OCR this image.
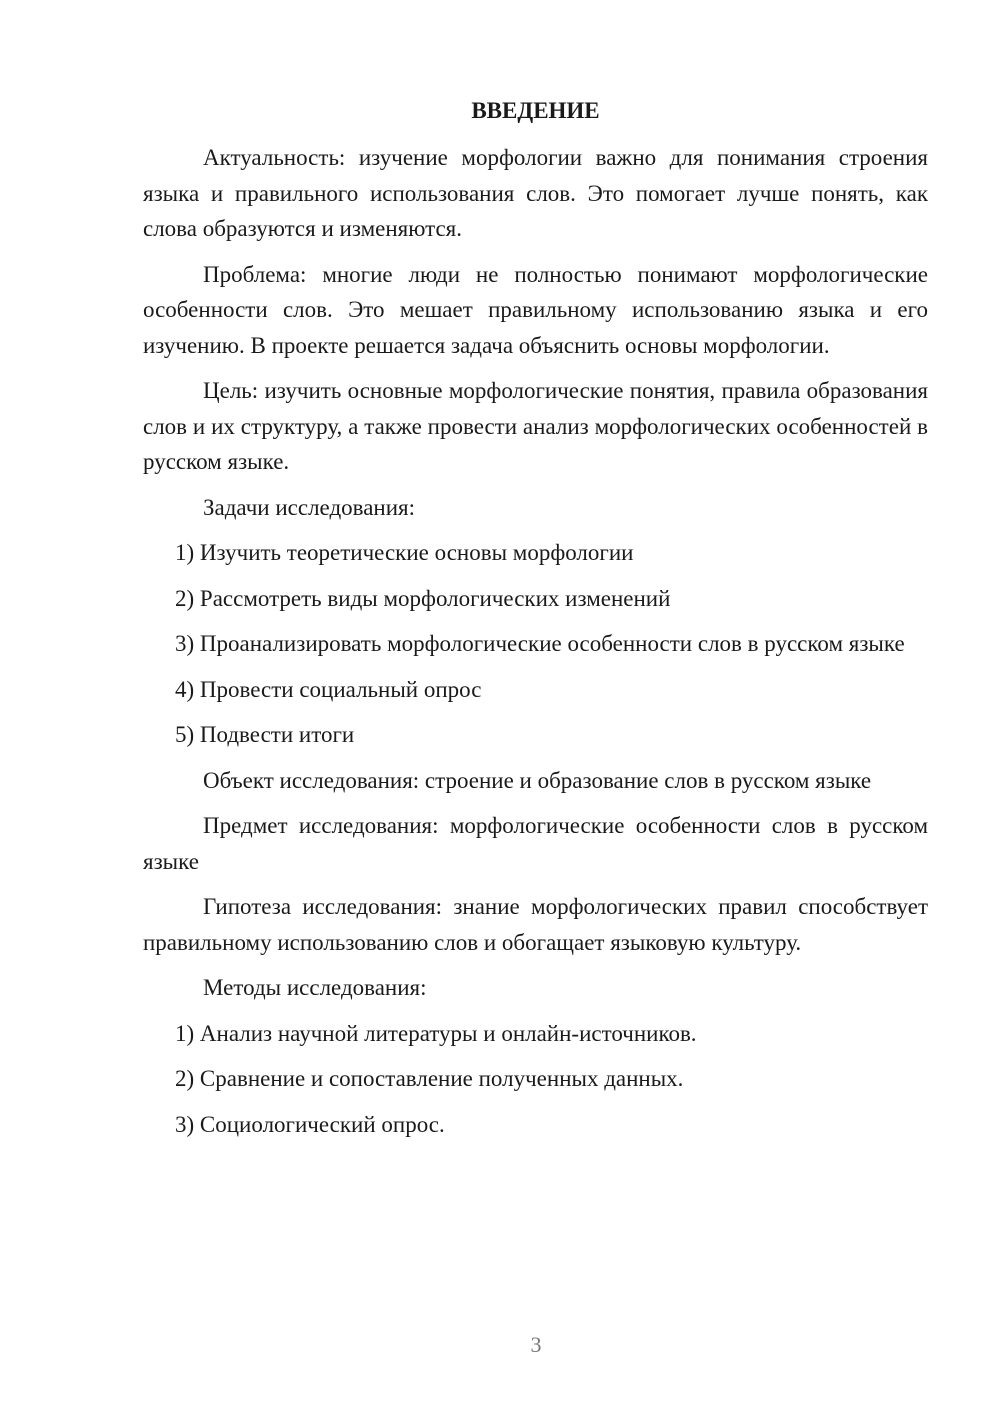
ВВЕДЕНИЕ

Актуальность: изучение морфологии важно для понимания строения языка и правильного использования слов. Это помогает лучше понять, как слова образуются и изменяются.

Проблема: многие люди не полностью понимают морфологические особенности слов. Это мешает правильному использованию языка и его изучению. В проекте решается задача объяснить основы морфологии.

Цель: изучить основные морфологические понятия, правила образования слов и их структуру, а также провести анализ морфологических особенностей в русском языке.

Задачи исследования:
1) Изучить теоретические основы морфологии
2) Рассмотреть виды морфологических изменений
3) Проанализировать морфологические особенности слов в русском языке
4) Провести социальный опрос
5) Подвести итоги

Объект исследования: строение и образование слов в русском языке

Предмет исследования: морфологические особенности слов в русском языке

Гипотеза исследования: знание морфологических правил способствует правильному использованию слов и обогащает языковую культуру.

Методы исследования:
1) Анализ научной литературы и онлайн-источников.
2) Сравнение и сопоставление полученных данных.
3) Социологический опрос.
3
